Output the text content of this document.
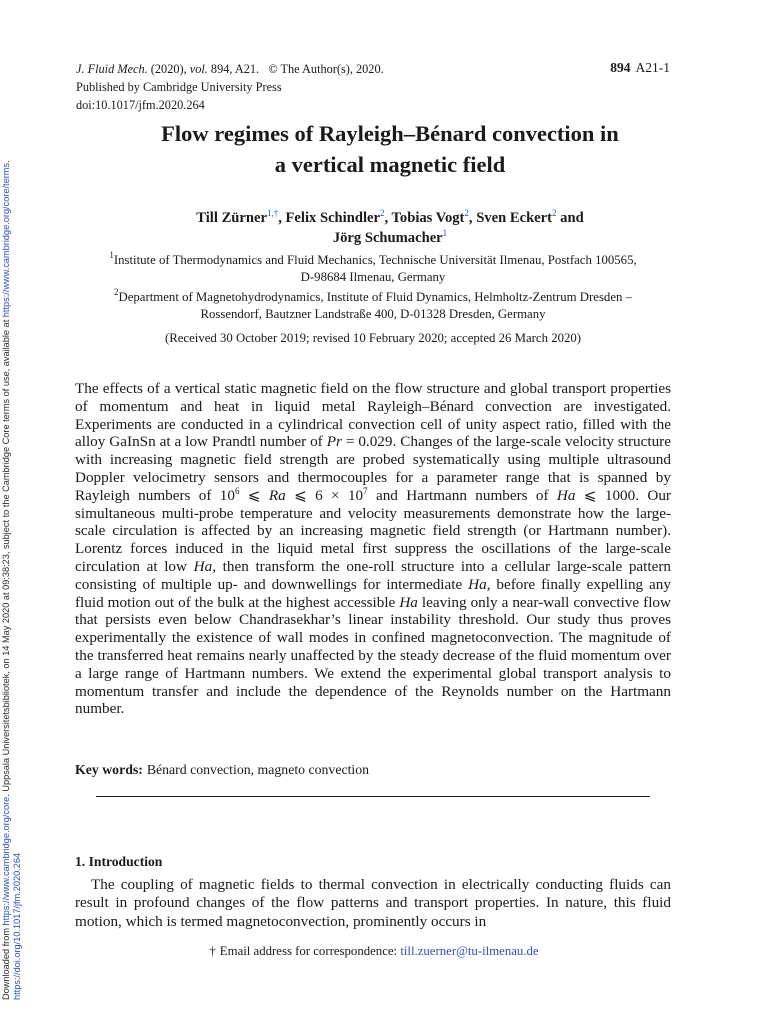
Downloaded from https://www.cambridge.org/core. Uppsala Universitetsbibliotek, on 14 May 2020 at 09:38:23, subject to the Cambridge Core terms of use, available at https://www.cambridge.org/core/terms.
https://doi.org/10.1017/jfm.2020.264
J. Fluid Mech. (2020), vol. 894, A21. © The Author(s), 2020.
Published by Cambridge University Press
doi:10.1017/jfm.2020.264
894 A21-1
Flow regimes of Rayleigh–Bénard convection in
a vertical magnetic field
Till Zürner$^{1,\dagger}$, Felix Schindler$^2$, Tobias Vogt$^2$, Sven Eckert$^2$ and
Jörg Schumacher$^1$
$^1$Institute of Thermodynamics and Fluid Mechanics, Technische Universität Ilmenau, Postfach 100565,
D-98684 Ilmenau, Germany
$^2$Department of Magnetohydrodynamics, Institute of Fluid Dynamics, Helmholtz-Zentrum Dresden –
Rossendorf, Bautzner Landstraße 400, D-01328 Dresden, Germany
(Received 30 October 2019; revised 10 February 2020; accepted 26 March 2020)
The effects of a vertical static magnetic field on the flow structure and global transport properties of momentum and heat in liquid metal Rayleigh–Bénard convection are investigated. Experiments are conducted in a cylindrical convection cell of unity aspect ratio, filled with the alloy GaInSn at a low Prandtl number of Pr = 0.029. Changes of the large-scale velocity structure with increasing magnetic field strength are probed systematically using multiple ultrasound Doppler velocimetry sensors and thermocouples for a parameter range that is spanned by Rayleigh numbers of $10^6$ ⩽ Ra ⩽ $6 \times 10^7$ and Hartmann numbers of Ha ⩽ 1000. Our simultaneous multi-probe temperature and velocity measurements demonstrate how the large-scale circulation is affected by an increasing magnetic field strength (or Hartmann number). Lorentz forces induced in the liquid metal first suppress the oscillations of the large-scale circulation at low Ha, then transform the one-roll structure into a cellular large-scale pattern consisting of multiple up- and downwellings for intermediate Ha, before finally expelling any fluid motion out of the bulk at the highest accessible Ha leaving only a near-wall convective flow that persists even below Chandrasekhar’s linear instability threshold. Our study thus proves experimentally the existence of wall modes in confined magnetoconvection. The magnitude of the transferred heat remains nearly unaffected by the steady decrease of the fluid momentum over a large range of Hartmann numbers. We extend the experimental global transport analysis to momentum transfer and include the dependence of the Reynolds number on the Hartmann number.
Key words: Bénard convection, magneto convection
1. Introduction
The coupling of magnetic fields to thermal convection in electrically conducting fluids can result in profound changes of the flow patterns and transport properties. In nature, this fluid motion, which is termed magnetoconvection, prominently occurs in
† Email address for correspondence: till.zuerner@tu-ilmenau.de
